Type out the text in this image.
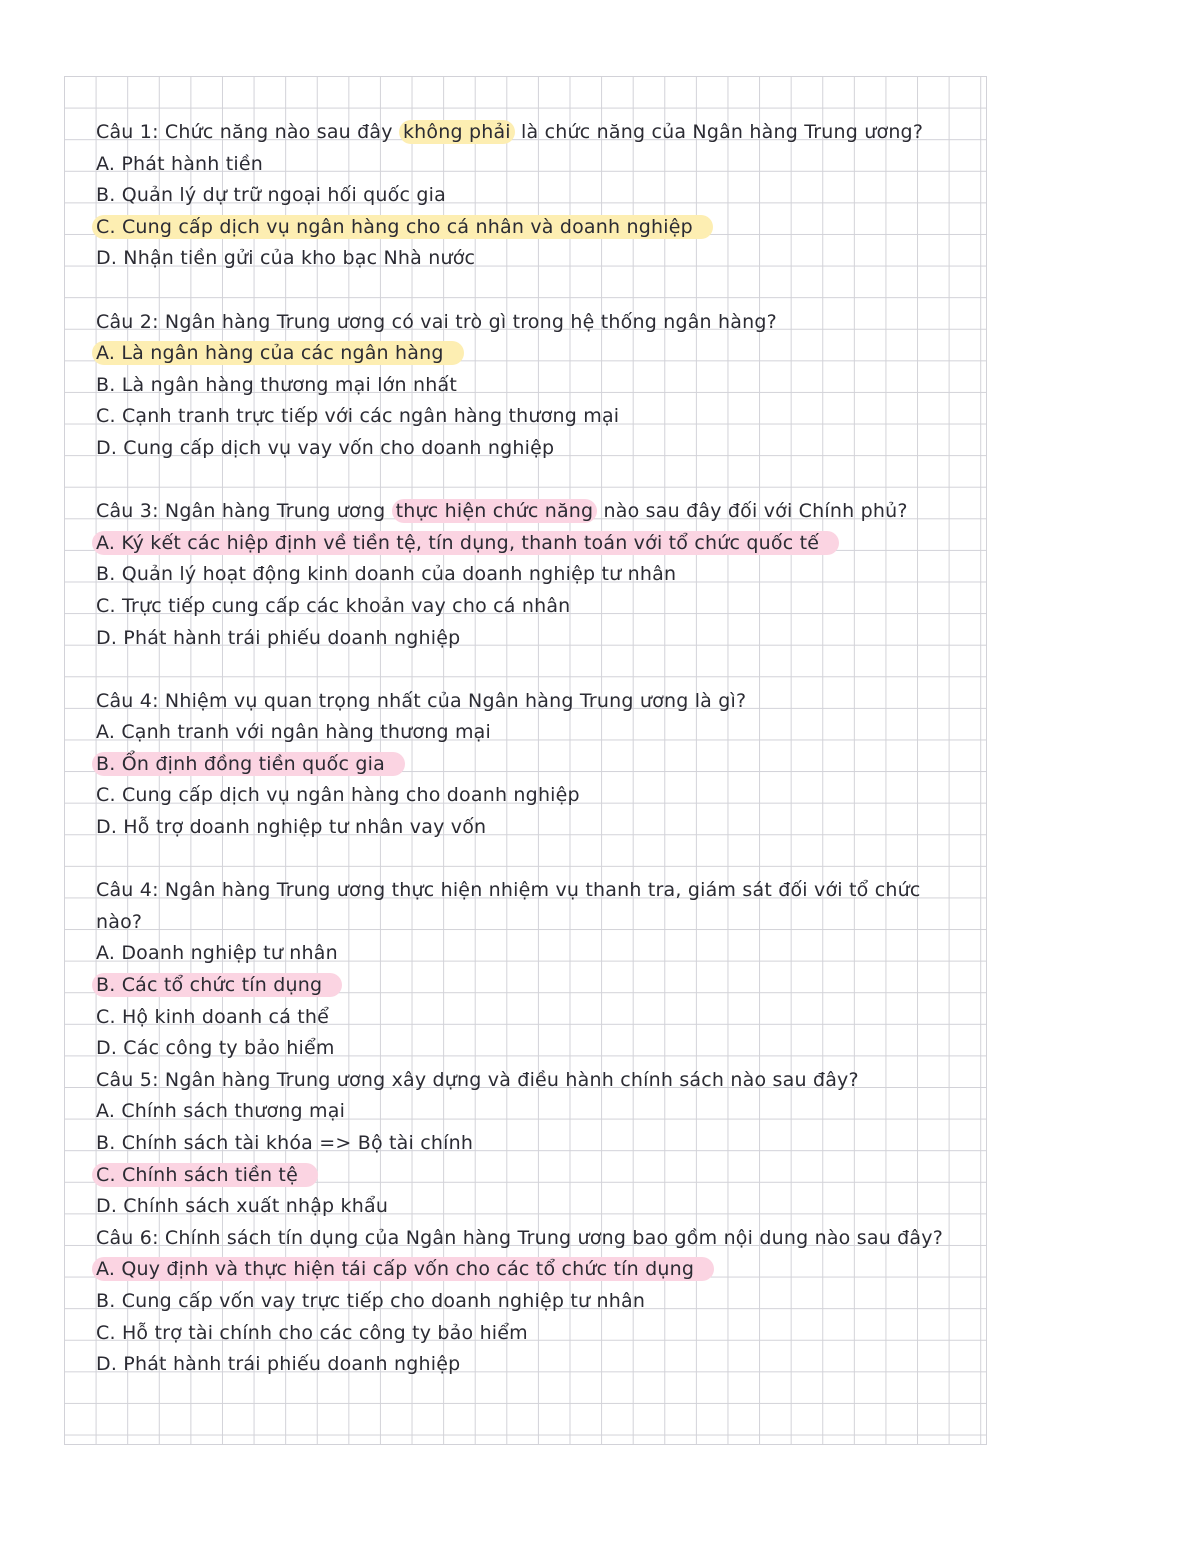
Câu 1: Chức năng nào sau đây không phải là chức năng của Ngân hàng Trung ương?
A. Phát hành tiền
B. Quản lý dự trữ ngoại hối quốc gia
C. Cung cấp dịch vụ ngân hàng cho cá nhân và doanh nghiệp
D. Nhận tiền gửi của kho bạc Nhà nước
Câu 2: Ngân hàng Trung ương có vai trò gì trong hệ thống ngân hàng?
A. Là ngân hàng của các ngân hàng
B. Là ngân hàng thương mại lớn nhất
C. Cạnh tranh trực tiếp với các ngân hàng thương mại
D. Cung cấp dịch vụ vay vốn cho doanh nghiệp
Câu 3: Ngân hàng Trung ương thực hiện chức năng nào sau đây đối với Chính phủ?
A. Ký kết các hiệp định về tiền tệ, tín dụng, thanh toán với tổ chức quốc tế
B. Quản lý hoạt động kinh doanh của doanh nghiệp tư nhân
C. Trực tiếp cung cấp các khoản vay cho cá nhân
D. Phát hành trái phiếu doanh nghiệp
Câu 4: Nhiệm vụ quan trọng nhất của Ngân hàng Trung ương là gì?
A. Cạnh tranh với ngân hàng thương mại
B. Ổn định đồng tiền quốc gia
C. Cung cấp dịch vụ ngân hàng cho doanh nghiệp
D. Hỗ trợ doanh nghiệp tư nhân vay vốn
Câu 4: Ngân hàng Trung ương thực hiện nhiệm vụ thanh tra, giám sát đối với tổ chức
nào?
A. Doanh nghiệp tư nhân
B. Các tổ chức tín dụng
C. Hộ kinh doanh cá thể
D. Các công ty bảo hiểm
Câu 5: Ngân hàng Trung ương xây dựng và điều hành chính sách nào sau đây?
A. Chính sách thương mại
B. Chính sách tài khóa => Bộ tài chính
C. Chính sách tiền tệ
D. Chính sách xuất nhập khẩu
Câu 6: Chính sách tín dụng của Ngân hàng Trung ương bao gồm nội dung nào sau đây?
A. Quy định và thực hiện tái cấp vốn cho các tổ chức tín dụng
B. Cung cấp vốn vay trực tiếp cho doanh nghiệp tư nhân
C. Hỗ trợ tài chính cho các công ty bảo hiểm
D. Phát hành trái phiếu doanh nghiệp
